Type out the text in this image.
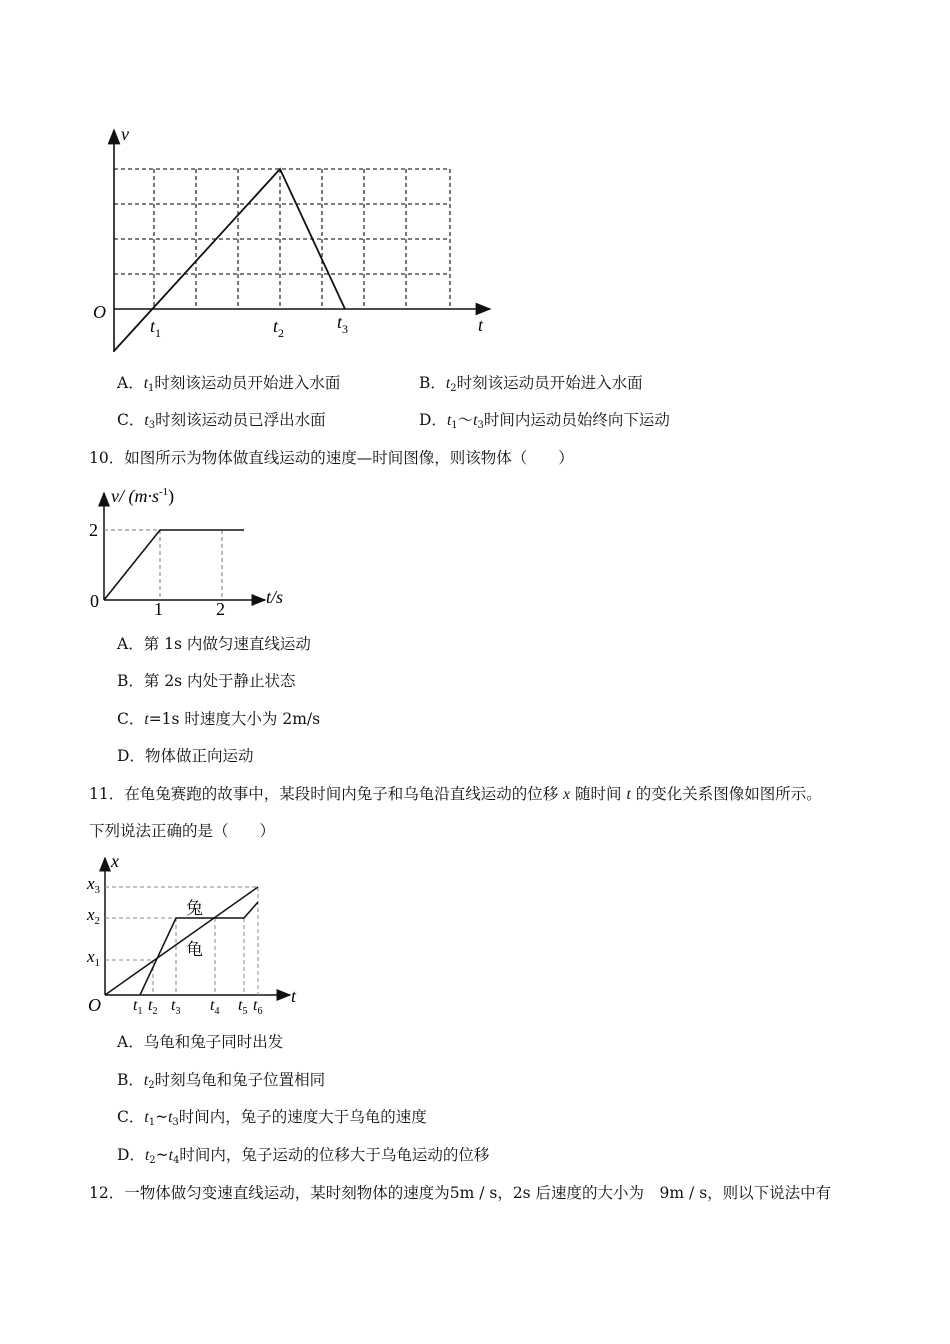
v
t
O
$t_1$	$t_2$
$t_3$
A．$t_1$时刻该运动员开始进入水面	B．$t_2$时刻该运动员开始进入水面
C．$t_3$时刻该运动员已浮出水面	D．$t_1\sim t_3$时间内运动员始终向下运动
10．如图所示为物体做直线运动的速度—时间图像，则该物体（　　）
v/ $(m\cdot s^{-1})$
t/s
0
2
1	2
A．第 1s 内做匀速直线运动
B．第 2s 内处于静止状态
C．t=1s 时速度大小为 2m/s
D．物体做正向运动
11．在龟兔赛跑的故事中，某段时间内兔子和乌龟沿直线运动的位移 x 随时间 t 的变化关系图像如图所示。
下列说法正确的是（　　）
兔
龟
x
t
O
$x_3$
$x_2$
$x_1$
$t_1$ $t_2$ $t_3$ $t_4$ $t_5$ $t_6$
A．乌龟和兔子同时出发
B．$t_2$时刻乌龟和兔子位置相同
C．$t_1\sim t_3$时间内，兔子的速度大于乌龟的速度
D．$t_2\sim t_4$时间内，兔子运动的位移大于乌龟运动的位移
12．一物体做匀变速直线运动，某时刻物体的速度为5m / s，2s 后速度的大小为　9m / s，则以下说法中有
